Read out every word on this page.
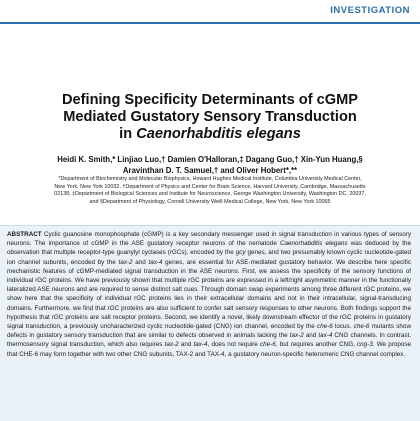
INVESTIGATION
Defining Specificity Determinants of cGMP
Mediated Gustatory Sensory Transduction
in Caenorhabditis elegans
Heidi K. Smith,* Linjiao Luo,† Damien O'Halloran,‡ Dagang Guo,† Xin-Yun Huang,§
Aravinthan D. T. Samuel,† and Oliver Hobert*,**
*Department of Biochemistry and Molecular Biophysics, Howard Hughes Medical Institute, Columbia University Medical Center,
New York, New York 10032, †Department of Physics and Center for Brain Science, Harvard University, Cambridge, Massachusetts
02138, ‡Department of Biological Sciences and Institute for Neuroscience, George Washington University, Washington DC, 20037,
and §Department of Physiology, Cornell University Weill Medical College, New York, New York 10065
ABSTRACT Cyclic guanosine monophosphate (cGMP) is a key secondary messenger used in signal transduction in various types of sensory neurons. The importance of cGMP in the ASE gustatory receptor neurons of the nematode Caenorhabditis elegans was deduced by the observation that multiple receptor-type guanylyl cyclases (rGCs), encoded by the gcy genes, and two presumably known cyclic nucleotide-gated ion channel subunits, encoded by the tax-2 and tax-4 genes, are essential for ASE-mediated gustatory behavior. We describe here specific mechanistic features of cGMP-mediated signal transduction in the ASE neurons. First, we assess the specificity of the sensory functions of individual rGC proteins. We have previously shown that multiple rGC proteins are expressed in a left/right asymmetric manner in the functionally lateralized ASE neurons and are required to sense distinct salt cues. Through domain swap experiments among three different rGC proteins, we show here that the specificity of individual rGC proteins lies in their extracellular domains and not in their intracellular, signal-transducing domains. Furthermore, we find that rGC proteins are also sufficient to confer salt sensory responses to other neurons. Both findings support the hypothesis that rGC proteins are salt receptor proteins. Second, we identify a novel, likely downstream effector of the rGC proteins in gustatory signal transduction, a previously uncharacterized cyclic nucleotide-gated (CNG) ion channel, encoded by the che-6 locus. che-6 mutants show defects in gustatory sensory transduction that are similar to defects observed in animals lacking the tax-2 and tax-4 CNG channels. In contrast, thermosensory signal transduction, which also requires tax-2 and tax-4, does not require che-6, but requires another CNG, cng-3. We propose that CHE-6 may form together with two other CNG subunits, TAX-2 and TAX-4, a gustatory neuron-specific heteromeric CNG channel complex.
